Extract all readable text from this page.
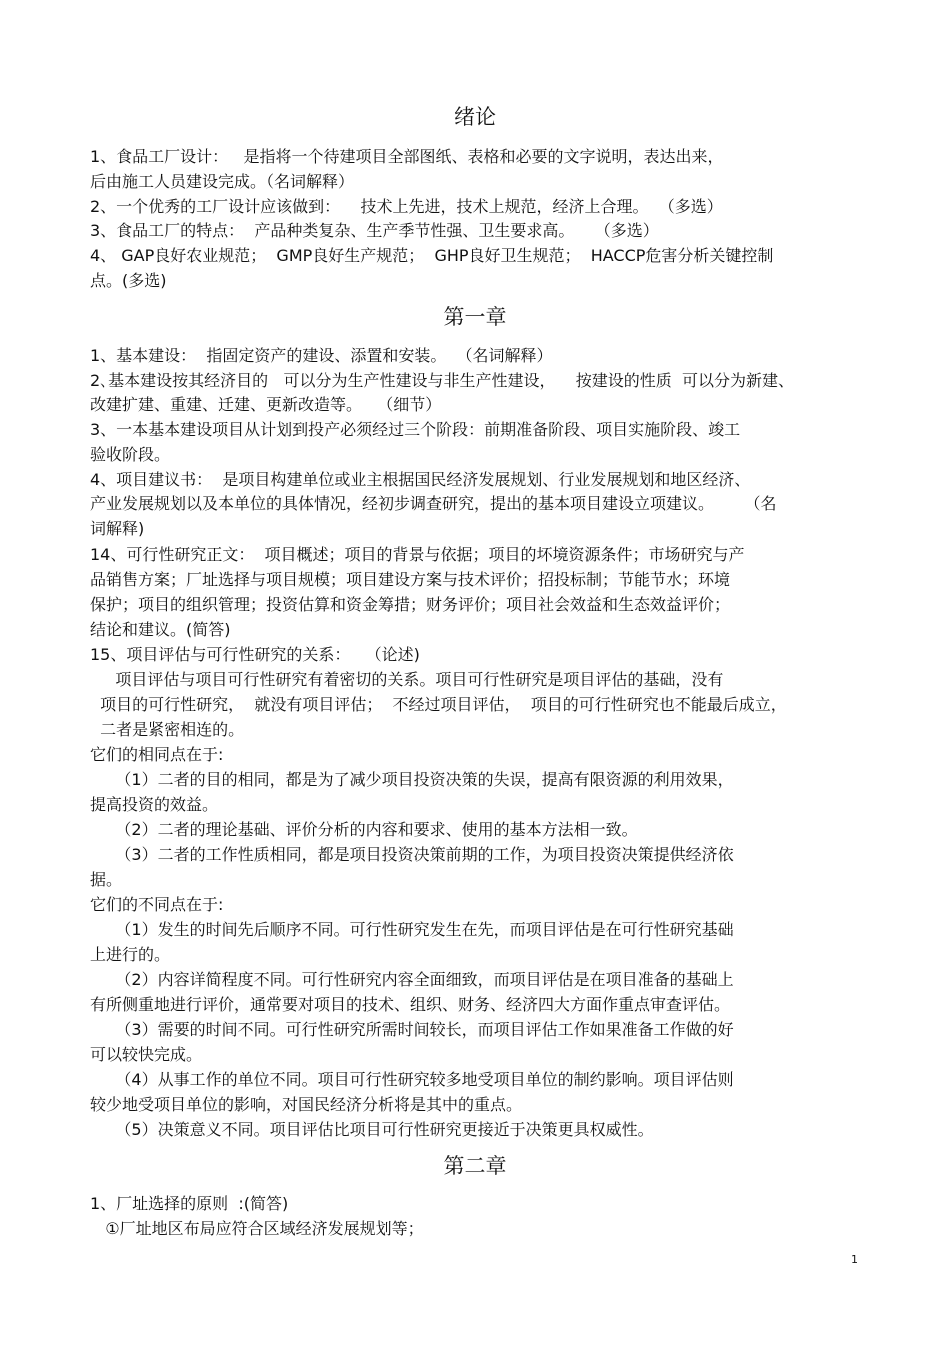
绪论
1、食品工厂设计：   是指将一个待建项目全部图纸、表格和必要的文字说明，表达出来，
后由施工人员建设完成。（名词解释）
2、一个优秀的工厂设计应该做到：    技术上先进，技术上规范，经济上合理。  （多选）
3、食品工厂的特点：  产品种类复杂、生产季节性强、卫生要求高。    （多选）
4、 GAP良好农业规范；  GMP良好生产规范；  GHP良好卫生规范；  HACCP危害分析关键控制
点。(多选)
第一章
1、基本建设：  指固定资产的建设、添置和安装。  （名词解释）
2､基本建设按其经济目的   可以分为生产性建设与非生产性建设，    按建设的性质  可以分为新建、
改建扩建、重建、迁建、更新改造等。   （细节）
3、一本基本建设项目从计划到投产必须经过三个阶段：前期准备阶段、项目实施阶段、竣工
验收阶段。
4、项目建议书：  是项目构建单位或业主根据国民经济发展规划、行业发展规划和地区经济、
产业发展规划以及本单位的具体情况，经初步调查研究，提出的基本项目建设立项建议。      （名
词解释)
14、可行性研究正文：  项目概述；项目的背景与依据；项目的坏境资源条件；市场研究与产
品销售方案；厂址选择与项目规模；项目建设方案与技术评价；招投标制；节能节水；环境
保护；项目的组织管理；投资估算和资金筹措；财务评价；项目社会效益和生态效益评价；
结论和建议。(简答)
15、项目评估与可行性研究的关系：   （论述)
项目评估与项目可行性研究有着密切的关系。项目可行性研究是项目评估的基础，没有
项目的可行性研究，  就没有项目评估；  不经过项目评估，  项目的可行性研究也不能最后成立，
二者是紧密相连的。
它们的相同点在于:
（1）二者的目的相同，都是为了减少项目投资决策的失误，提高有限资源的利用效果，
提高投资的效益。
（2）二者的理论基础、评价分析的内容和要求、使用的基本方法相一致。
（3）二者的工作性质相同，都是项目投资决策前期的工作，为项目投资决策提供经济依
据。
它们的不同点在于:
（1）发生的时间先后顺序不同。可行性研究发生在先，而项目评估是在可行性研究基础
上进行的。
（2）内容详简程度不同。可行性研究内容全面细致，而项目评估是在项目准备的基础上
有所侧重地进行评价，通常要对项目的技术、组织、财务、经济四大方面作重点审查评估。
（3）需要的时间不同。可行性研究所需时间较长，而项目评估工作如果准备工作做的好
可以较快完成。
（4）从事工作的单位不同。项目可行性研究较多地受项目单位的制约影响。项目评估则
较少地受项目单位的影响，对国民经济分析将是其中的重点。
（5）决策意义不同。项目评估比项目可行性研究更接近于决策更具权威性。
第二章
1、厂址选择的原则  :(简答)
①厂址地区布局应符合区域经济发展规划等；
1
